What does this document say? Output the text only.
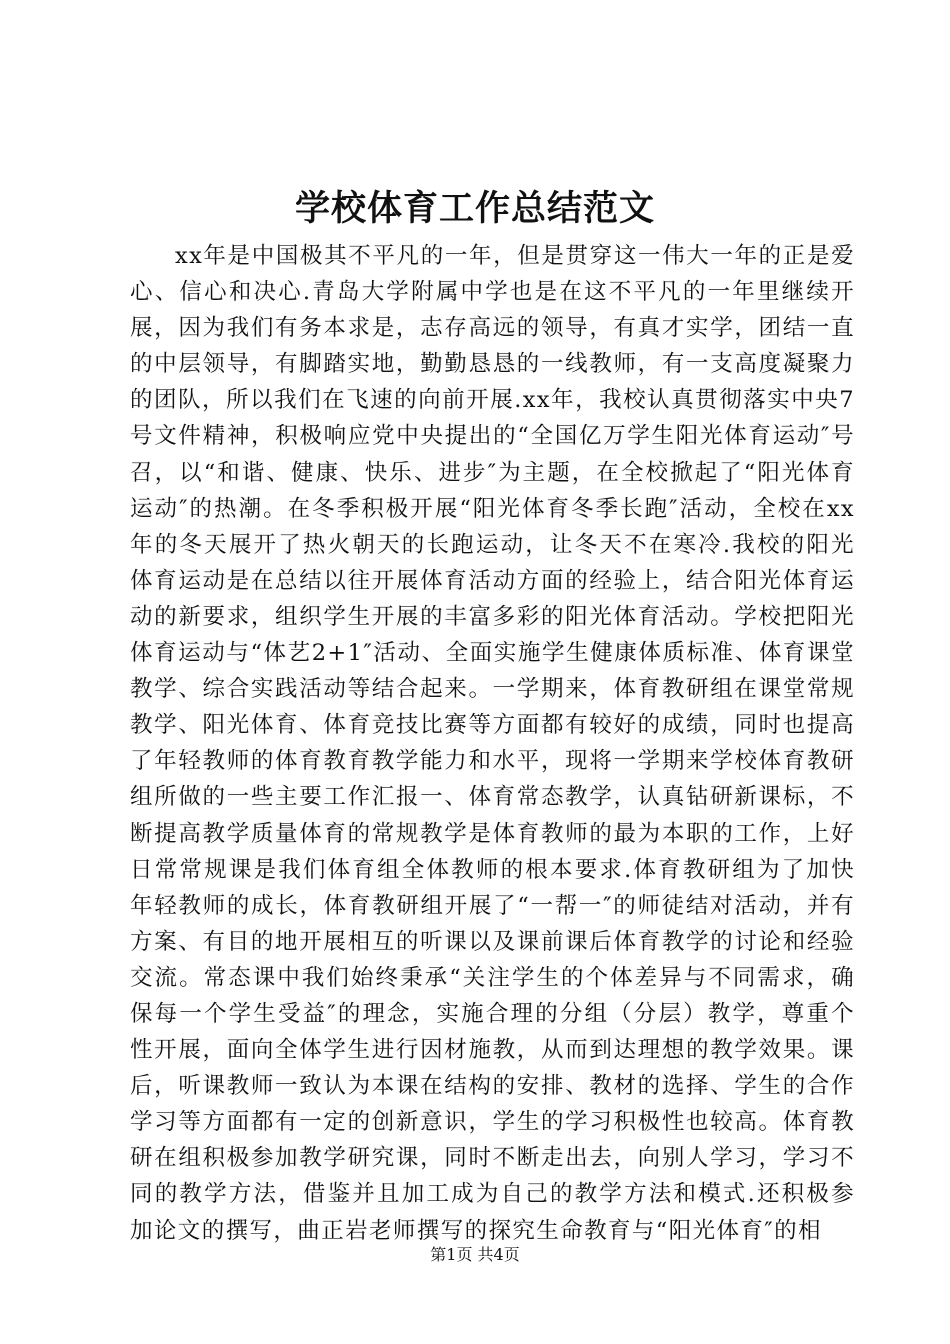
学校体育工作总结范文

xx年是中国极其不平凡的一年，但是贯穿这一伟大一年的正是爱心、信心和决心.青岛大学附属中学也是在这不平凡的一年里继续开展，因为我们有务本求是，志存高远的领导，有真才实学，团结一直的中层领导，有脚踏实地，勤勤恳恳的一线教师，有一支高度凝聚力的团队，所以我们在飞速的向前开展.xx年，我校认真贯彻落实中央7号文件精神，积极响应党中央提出的“全国亿万学生阳光体育运动″号召，以“和谐、健康、快乐、进步″为主题，在全校掀起了“阳光体育运动″的热潮。在冬季积极开展“阳光体育冬季长跑″活动，全校在xx年的冬天展开了热火朝天的长跑运动，让冬天不在寒冷.我校的阳光体育运动是在总结以往开展体育活动方面的经验上，结合阳光体育运动的新要求，组织学生开展的丰富多彩的阳光体育活动。学校把阳光体育运动与“体艺2+1″活动、全面实施学生健康体质标准、体育课堂教学、综合实践活动等结合起来。一学期来，体育教研组在课堂常规教学、阳光体育、体育竞技比赛等方面都有较好的成绩，同时也提高了年轻教师的体育教育教学能力和水平，现将一学期来学校体育教研组所做的一些主要工作汇报一、体育常态教学，认真钻研新课标，不断提高教学质量体育的常规教学是体育教师的最为本职的工作，上好日常常规课是我们体育组全体教师的根本要求.体育教研组为了加快年轻教师的成长，体育教研组开展了“一帮一″的师徒结对活动，并有方案、有目的地开展相互的听课以及课前课后体育教学的讨论和经验交流。常态课中我们始终秉承“关注学生的个体差异与不同需求，确保每一个学生受益″的理念，实施合理的分组（分层）教学，尊重个性开展，面向全体学生进行因材施教，从而到达理想的教学效果。课后，听课教师一致认为本课在结构的安排、教材的选择、学生的合作学习等方面都有一定的创新意识，学生的学习积极性也较高。体育教研在组积极参加教学研究课，同时不断走出去，向别人学习，学习不同的教学方法，借鉴并且加工成为自己的教学方法和模式.还积极参加论文的撰写，曲正岩老师撰写的探究生命教育与“阳光体育″的相

第1页 共4页
